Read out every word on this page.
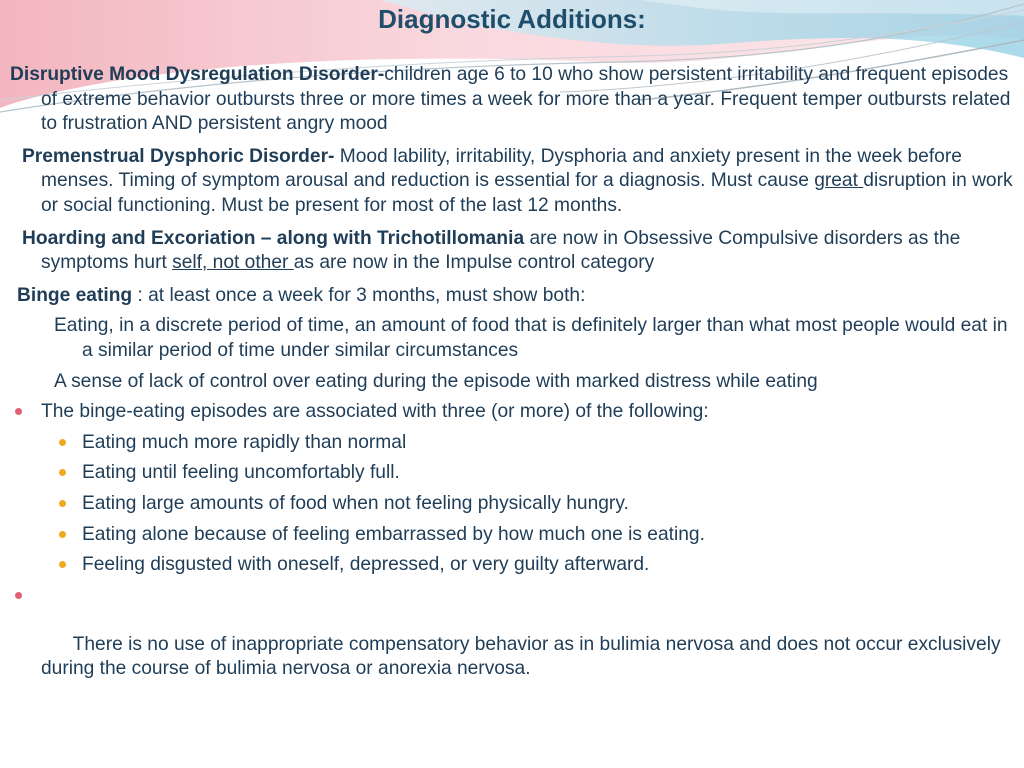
Diagnostic Additions:
Disruptive Mood Dysregulation Disorder-children age 6 to 10 who show persistent irritability and frequent episodes of extreme behavior outbursts three or more times a week for more than a year. Frequent temper outbursts related to frustration AND persistent angry mood
Premenstrual Dysphoric Disorder- Mood lability, irritability, Dysphoria and anxiety present in the week before menses. Timing of symptom arousal and reduction is essential for a diagnosis. Must cause great disruption in work or social functioning. Must be present for most of the last 12 months.
Hoarding and Excoriation – along with Trichotillomania are now in Obsessive Compulsive disorders as the symptoms hurt self, not other as are now in the Impulse control category
Binge eating : at least once a week for 3 months, must show both:
Eating, in a discrete period of time, an amount of food that is definitely larger than what most people would eat in a similar period of time under similar circumstances
A sense of lack of control over eating during the episode with marked distress while eating
The binge-eating episodes are associated with three (or more) of the following:
Eating much more rapidly than normal
Eating until feeling uncomfortably full.
Eating large amounts of food when not feeling physically hungry.
Eating alone because of feeling embarrassed by how much one is eating.
Feeling disgusted with oneself, depressed, or very guilty afterward.

There is no use of inappropriate compensatory behavior as in bulimia nervosa and does not occur exclusively during the course of bulimia nervosa or anorexia nervosa.
